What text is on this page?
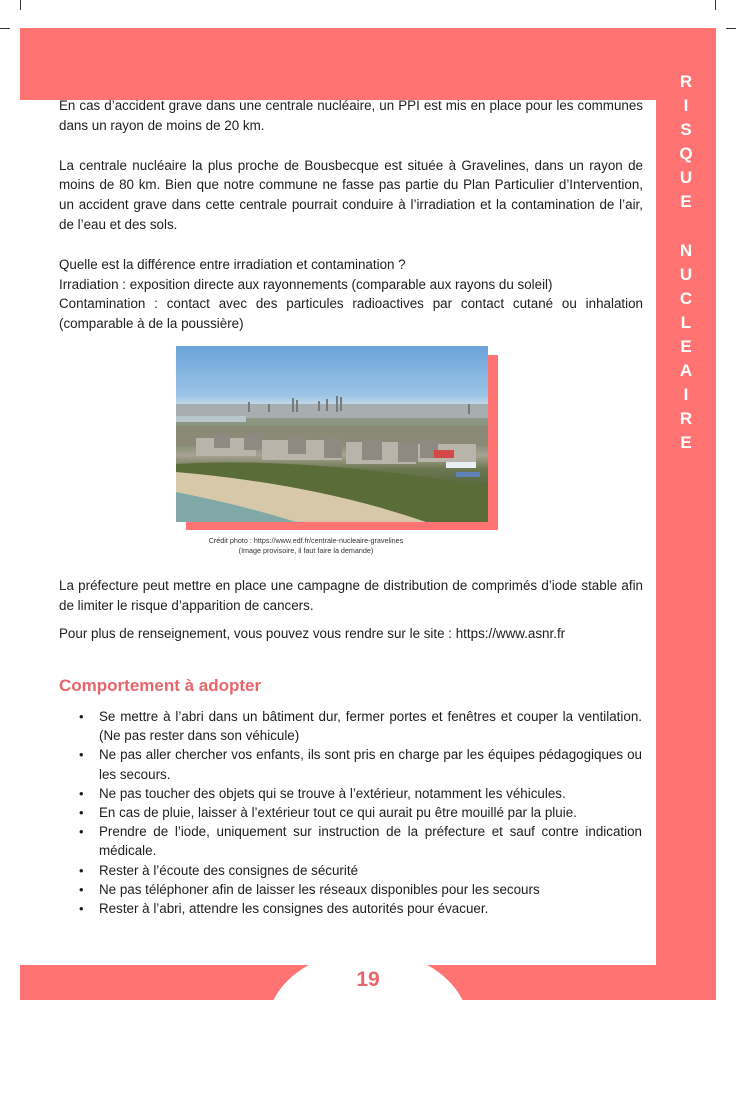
19
R
I
S
Q
U
E
N
U
C
L
E
A
I
R
E

En cas d’accident grave dans une centrale nucléaire, un PPI est mis en place pour les communes dans un rayon de moins de 20 km.

La centrale nucléaire la plus proche de Bousbecque est située à Gravelines, dans un rayon de moins de 80 km. Bien que notre commune ne fasse pas partie du Plan Particulier d’Intervention, un accident grave dans cette centrale pourrait conduire à l’irradiation et la contamination de l’air, de l’eau et des sols.

Quelle est la différence entre irradiation et contamination ?

Irradiation : exposition directe aux rayonnements (comparable aux rayons du soleil)

Contamination : contact avec des particules radioactives par contact cutané ou inhalation (comparable à de la poussière)

Crédit photo : https://www.edf.fr/centrale-nucleaire-gravelines
(Image provisoire, il faut faire la demande)

La préfecture peut mettre en place une campagne de distribution de comprimés d’iode stable afin de limiter le risque d’apparition de cancers.

Pour plus de renseignement, vous pouvez vous rendre sur le site : https://www.asnr.fr

Comportement à adopter
• Se mettre à l’abri dans un bâtiment dur, fermer portes et fenêtres et couper la ventilation. (Ne pas rester dans son véhicule)
• Ne pas aller chercher vos enfants, ils sont pris en charge par les équipes pédagogiques ou les secours.
• Ne pas toucher des objets qui se trouve à l’extérieur, notamment les véhicules.
• En cas de pluie, laisser à l’extérieur tout ce qui aurait pu être mouillé par la pluie.
• Prendre de l’iode, uniquement sur instruction de la préfecture et sauf contre indication médicale.
• Rester à l’écoute des consignes de sécurité
• Ne pas téléphoner afin de laisser les réseaux disponibles pour les secours
• Rester à l’abri, attendre les consignes des autorités pour évacuer.
